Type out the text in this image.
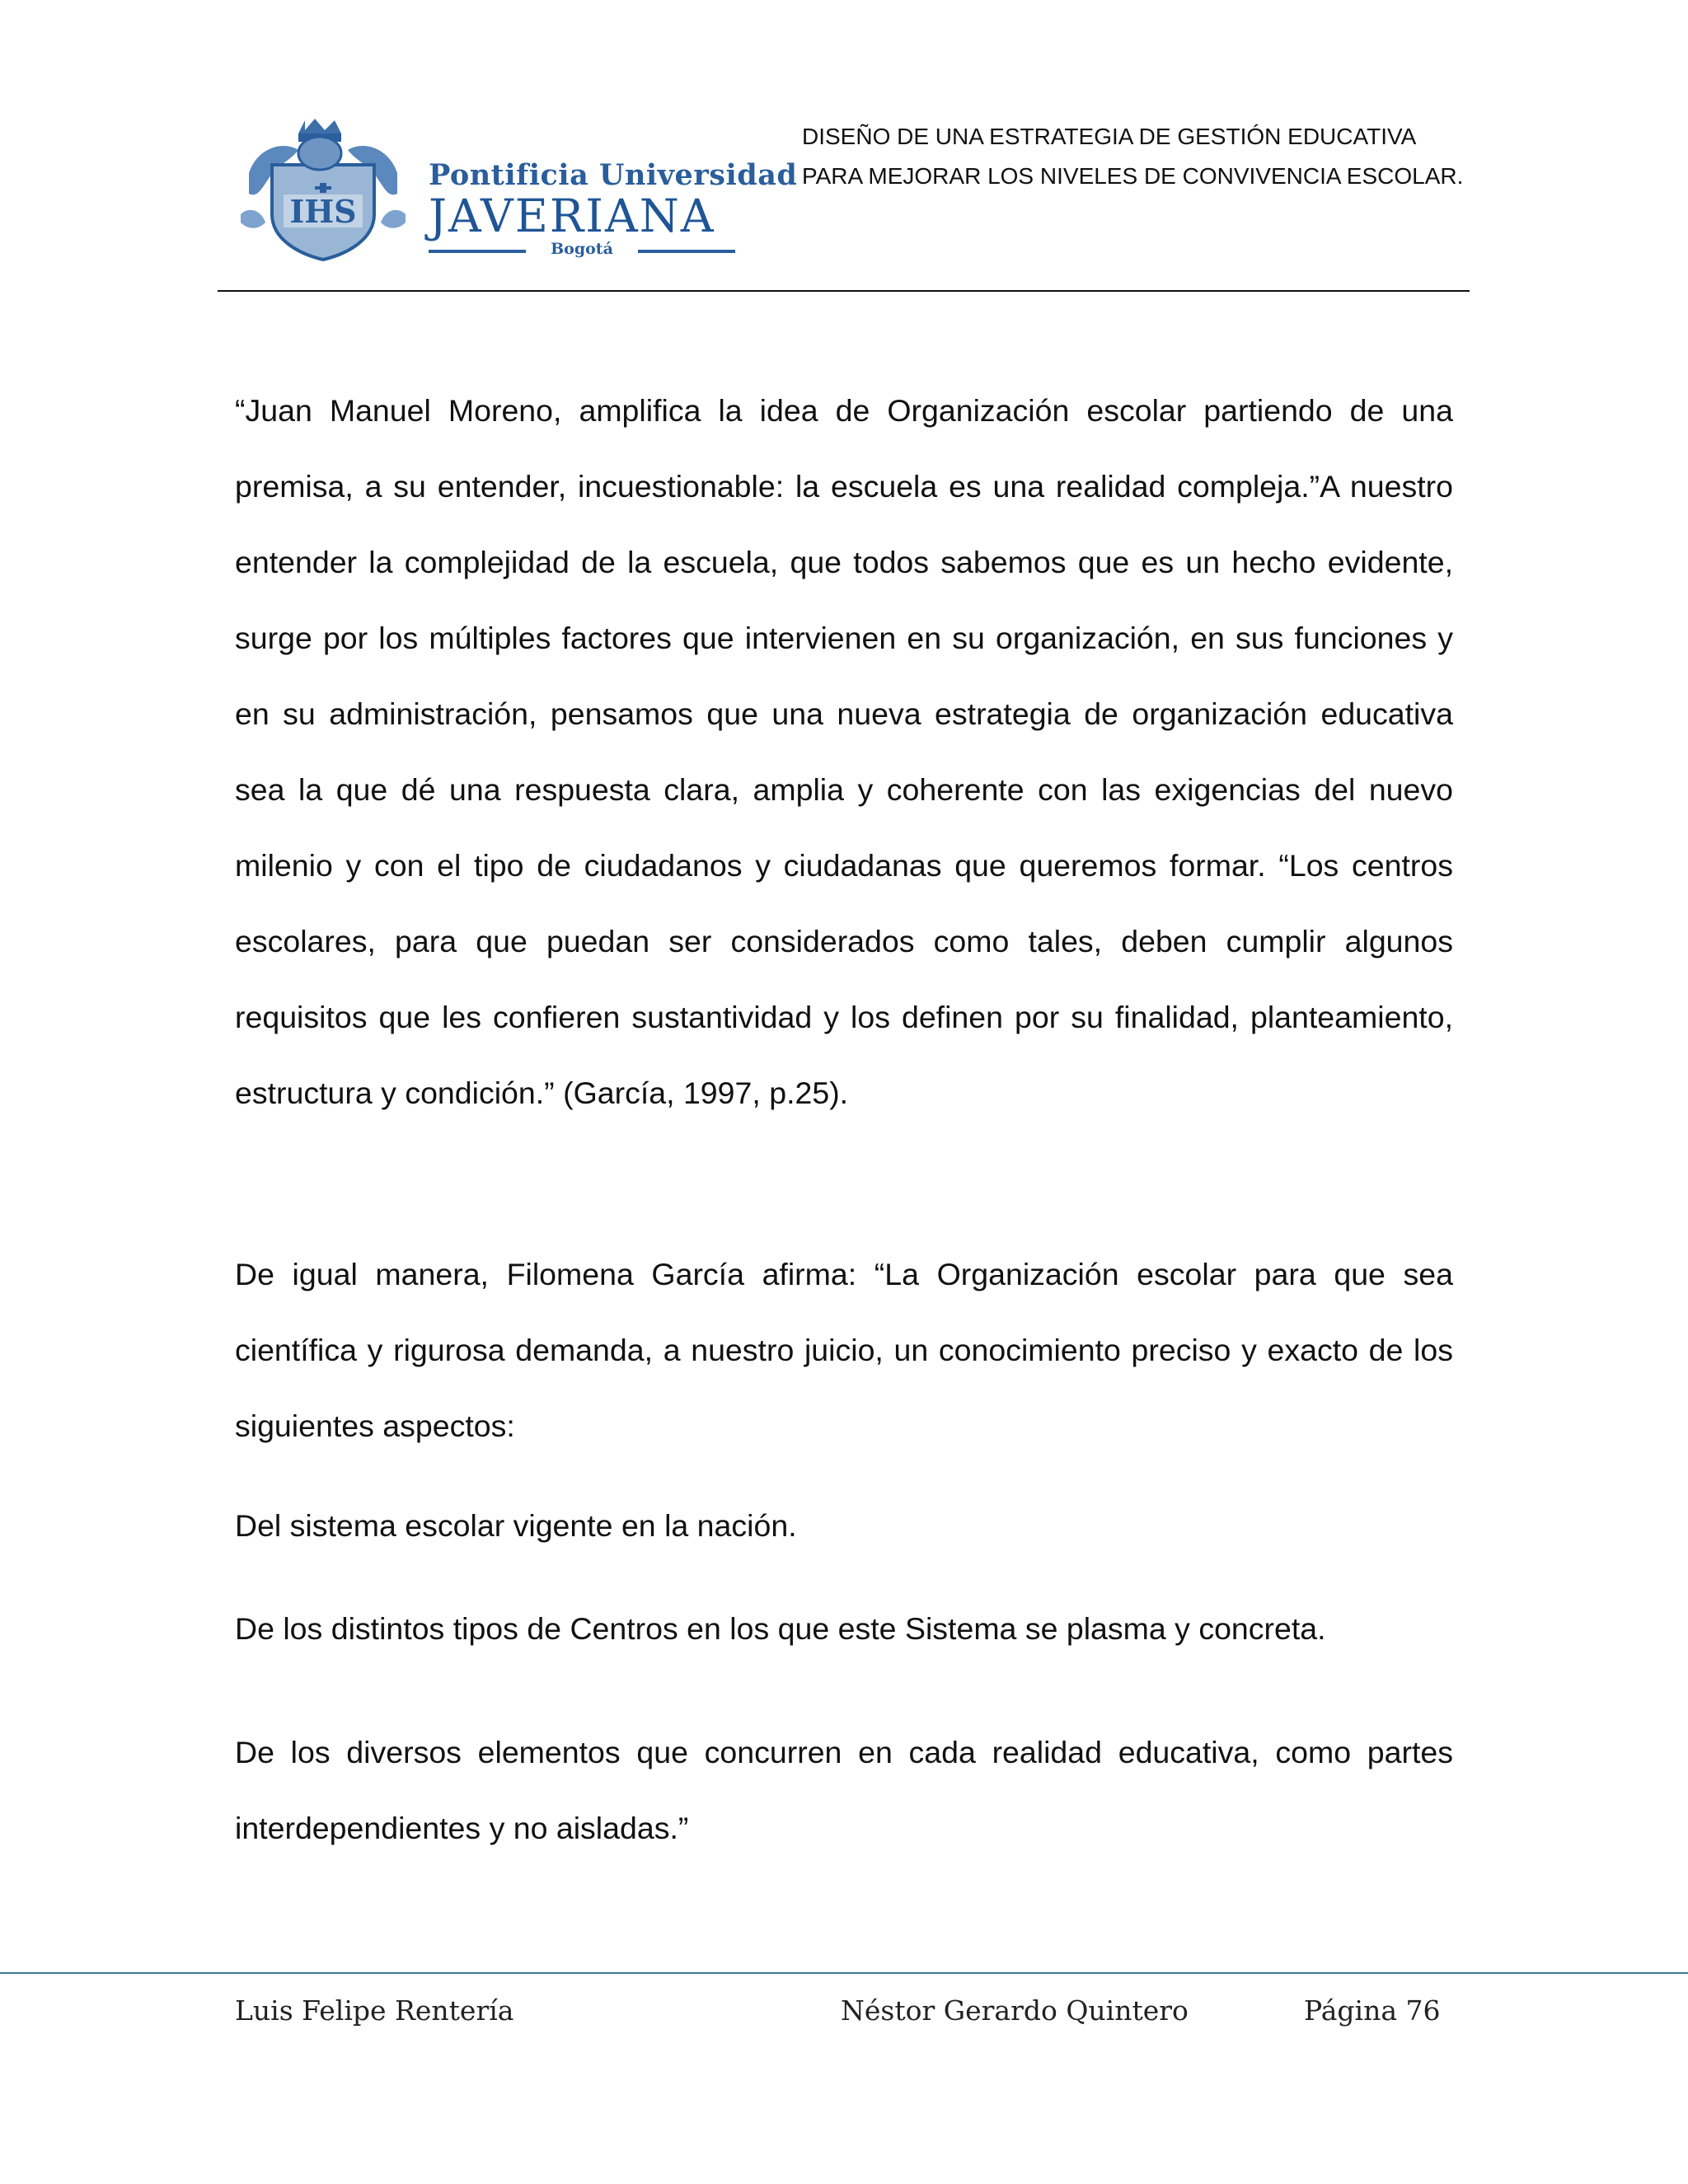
IHS
Pontificia Universidad
JAVERIANA
Bogotá
DISEÑO DE UNA ESTRATEGIA DE GESTIÓN EDUCATIVA
PARA MEJORAR LOS NIVELES DE CONVIVENCIA ESCOLAR.
“Juan Manuel Moreno, amplifica la idea de Organización escolar partiendo de una premisa, a su entender, incuestionable: la escuela es una realidad compleja.”A nuestro entender la complejidad de la escuela, que todos sabemos que es un hecho evidente, surge por los múltiples factores que intervienen en su organización, en sus funciones y en su administración, pensamos que una nueva estrategia de organización educativa sea la que dé una respuesta clara, amplia y coherente con las exigencias del nuevo milenio y con el tipo de ciudadanos y ciudadanas que queremos formar. “Los centros escolares, para que puedan ser considerados como tales, deben cumplir algunos requisitos que les confieren sustantividad y los definen por su finalidad, planteamiento, estructura y condición.” (García, 1997, p.25).
De igual manera, Filomena García afirma: “La Organización escolar para que sea científica y rigurosa demanda, a nuestro juicio, un conocimiento preciso y exacto de los siguientes aspectos:
Del sistema escolar vigente en la nación.
De los distintos tipos de Centros en los que este Sistema se plasma y concreta.
De los diversos elementos que concurren en cada realidad educativa, como partes interdependientes y no aisladas.”
Luis Felipe Rentería	Néstor Gerardo Quintero	Página 76
